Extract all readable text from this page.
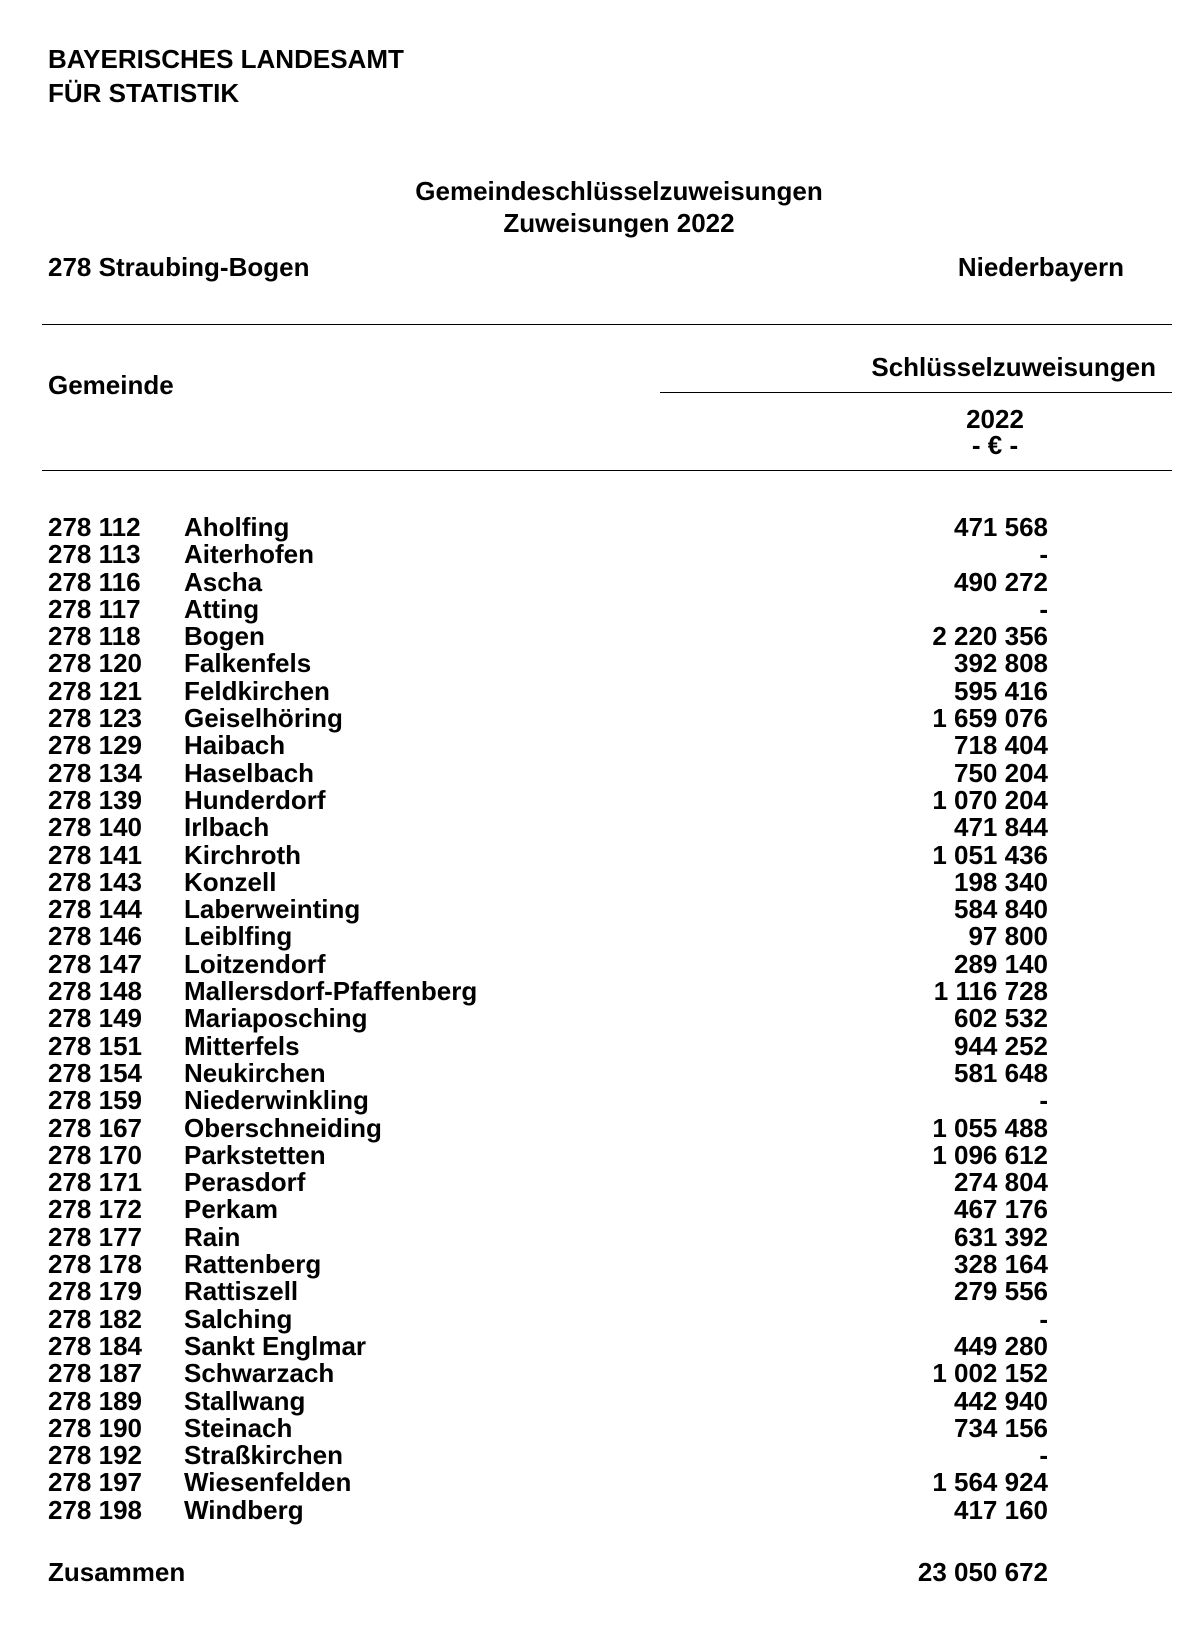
BAYERISCHES LANDESAMT
FÜR STATISTIK
Gemeindeschlüsselzuweisungen
Zuweisungen 2022
278 Straubing-Bogen	Niederbayern
Gemeinde
Schlüsselzuweisungen
2022
- € -
278 112 Aholfing	471 568
278 113 Aiterhofen	-
278 116 Ascha	490 272
278 117 Atting	-
278 118 Bogen	2 220 356
278 120 Falkenfels	392 808
278 121 Feldkirchen	595 416
278 123 Geiselhöring	1 659 076
278 129 Haibach	718 404
278 134 Haselbach	750 204
278 139 Hunderdorf	1 070 204
278 140 Irlbach	471 844
278 141 Kirchroth	1 051 436
278 143 Konzell	198 340
278 144 Laberweinting	584 840
278 146 Leiblfing	97 800
278 147 Loitzendorf	289 140
278 148 Mallersdorf-Pfaffenberg	1 116 728
278 149 Mariaposching	602 532
278 151 Mitterfels	944 252
278 154 Neukirchen	581 648
278 159 Niederwinkling	-
278 167 Oberschneiding	1 055 488
278 170 Parkstetten	1 096 612
278 171 Perasdorf	274 804
278 172 Perkam	467 176
278 177 Rain	631 392
278 178 Rattenberg	328 164
278 179 Rattiszell	279 556
278 182 Salching	-
278 184 Sankt Englmar	449 280
278 187 Schwarzach	1 002 152
278 189 Stallwang	442 940
278 190 Steinach	734 156
278 192 Straßkirchen	-
278 197 Wiesenfelden	1 564 924
278 198 Windberg	417 160
Zusammen	23 050 672
